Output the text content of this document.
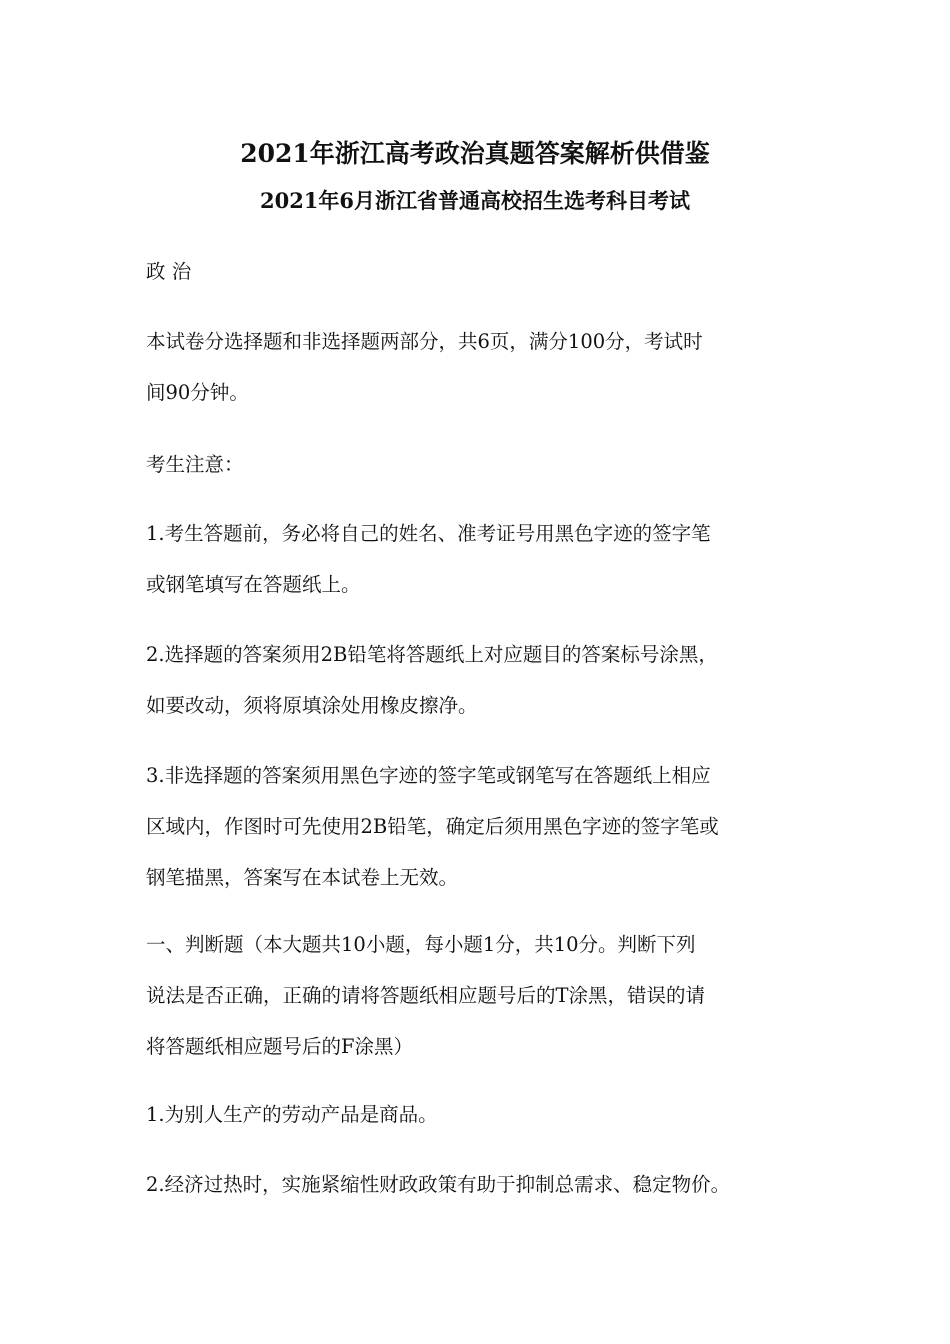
2021年浙江高考政治真题答案解析供借鉴
2021年6月浙江省普通高校招生选考科目考试
政 治
本试卷分选择题和非选择题两部分，共6页，满分100分，考试时
间90分钟。
考生注意：
1.考生答题前，务必将自己的姓名、准考证号用黑色字迹的签字笔
或钢笔填写在答题纸上。
2.选择题的答案须用2B铅笔将答题纸上对应题目的答案标号涂黑，
如要改动，须将原填涂处用橡皮擦净。
3.非选择题的答案须用黑色字迹的签字笔或钢笔写在答题纸上相应
区域内，作图时可先使用2B铅笔，确定后须用黑色字迹的签字笔或
钢笔描黑，答案写在本试卷上无效。
一、判断题（本大题共10小题，每小题1分，共10分。判断下列
说法是否正确，正确的请将答题纸相应题号后的T涂黑，错误的请
将答题纸相应题号后的F涂黑）
1.为别人生产的劳动产品是商品。
2.经济过热时，实施紧缩性财政政策有助于抑制总需求、稳定物价。
